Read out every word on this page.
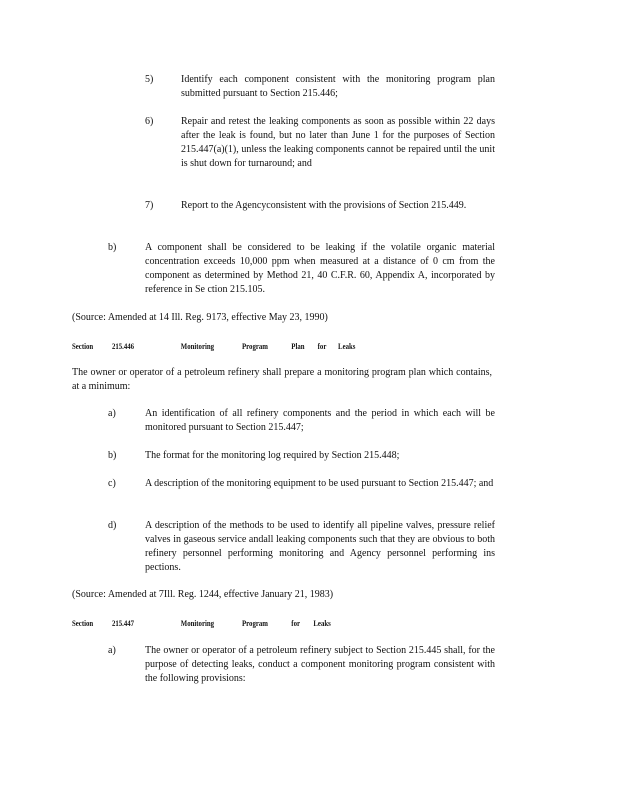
5)	Identify each component consistent with the monitoring program plan submitted pursuant to Section 215.446;
6)	Repair and retest the leaking components as soon as possible within 22 days after the leak is found, but no later than June 1 for the purposes of Section 215.447(a)(1), unless the leaking components cannot be repaired until the unit is shut down for turnaround; and
7)	Report to the Agencyconsistent with the provisions of Section 215.449.
b)	A component shall be considered to be leaking if the volatile organic material concentration exceeds 10,000 ppm when measured at a distance of 0 cm from the component as determined by Method 21, 40 C.F.R. 60, Appendix A, incorporated by reference in Se ction 215.105.
(Source: Amended at 14 Ill. Reg. 9173, effective May 23, 1990)
Section 215.446	Monitoring	Program	Plan for Leaks
The owner or operator of a petroleum refinery shall prepare a monitoring program plan which contains, at a minimum:
a)	An identification of all refinery components and the period in which each will be monitored pursuant to Section 215.447;
b)	The format for the monitoring log required by Section 215.448;
c)	A description of the monitoring equipment to be used pursuant to Section 215.447; and
d)	A description of the methods to be used to identify all pipeline valves, pressure relief valves in gaseous service andall leaking components such that they are obvious to both refinery personnel performing monitoring and Agency personnel performing ins pections.
(Source: Amended at 7Ill. Reg. 1244, effective January 21, 1983)
Section 215.447	Monitoring	Program	for Leaks
a)	The owner or operator of a petroleum refinery subject to Section 215.445 shall, for the purpose of detecting leaks, conduct a component monitoring program consistent with the following provisions:
